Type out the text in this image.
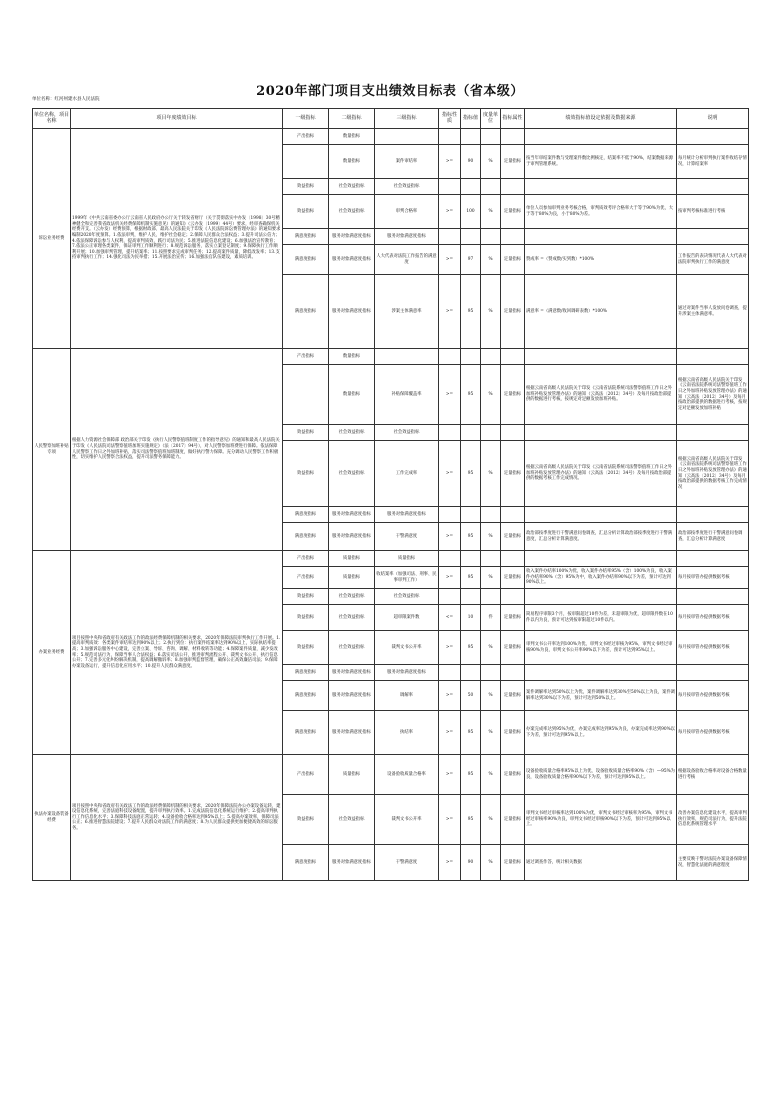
2020年部门项目支出绩效目标表（省本级）
单位名称：红河州建水县人民法院
单位名称，项目名称	项目年度绩效目标	一级指标	二级指标	三级指标	指标性质	指标值	度量单位	指标属性	绩效指标值设定依据及数据来源	说明
诉讼业务经费	1999年《中共云南省委办公厅云南省人民政府办公厅关于转发省财厅（关于贯彻落实中办发〔1998〕30号精神健全和完善我省政法机关经费保障机制实施意见）的通知》（云办发〔1999〕44号）要求，经审查确保机关经费开支。（云办发）经费预算，根据财政部、最高人民法院关于印发《人民法院诉讼费管理办法》的通知要求编制2020年度预算。1.依法审判，维护人民、维护社会稳定；2.保障人民群众合法权益；3.提升司法公信力；4.依法保障诉讼参与人权利，提高审判质效，践行司法为民；5.推进法院信息化建设；6.加强法治宣传教育；7.依法公正审理各类案件，保证审判工作顺利进行；8.规范诉讼服务，落实立案登记制度；9.保障执行工作顺利开展；10.加强审判管理，提升结案率；11.按照要求完成审判任务；12.提高案件质量，降低改发率；13.支持审判执行工作；14.强化司法为民举措；15.开展法治宣传；16.加强法官队伍建设，素质培训。	产出指标	数量指标							
			数量指标	案件审结率	>=	90	%	定量指标	按当年审结案件数与受理案件数比例核定，结案率不低于90%，结案数据来源于审判管理系统。	每月统计分析审判执行案件收结存情况，计算结案率
		效益指标	社会效益指标	社会效益指标						
		效益指标	社会效益指标	审判合格率	>=	100	%	定量指标	单位人员参加审判业务考核合格，审判质效考评合格率大于等于90%为优，大于等于80%为良，小于80%为差。	按审判考核标准进行考核
		满意度指标	服务对象满意度指标	服务对象满意度指标						
		满意度指标	服务对象满意度指标	人大代表对法院工作报告的满意度	>=	97	%	定量指标	赞成率 =（赞成数/实到数）*100%	工作报告的表决情况代表人大代表对法院审判执行工作的满意度
		满意度指标	服务对象满意度指标	涉案主体满意率	>=	95	%	定量指标	满意率 =（满意数/收回调研表数）*100%	通过对案件当事人发放问卷调查，提升涉案主体满意率。
人民警察加班补贴专项	根据人力资源社会保障部 政治部关于印发《执行人民警察值班制度工作的指导意见》的通知和最高人民法院关于印发《人民法院司法警察值班加班实施规定》（法〔2017〕94号），对人民警察加班费进行保障。依法保障人民警察工作日之外加班补贴，落实司法警察值班加班制度，做好执行警力保障。充分调动人民警察工作积极性，切实维护人民警察合法权益，提升司法警务保障能力。	产出指标	数量指标							
			数量指标	补贴保障覆盖率	>=	95	%	定量指标	根据云南省高级人民法院关于印发《云南省法院系统司法警察值班工作日之外加班补贴发放管理办法》的通知（云高法〔2012〕34号）及每月按政治部提供的数据进行考核，按规定对足额发放加班补贴。	根据云南省高级人民法院关于印发《云南省法院系统司法警察值班工作日之外加班补贴发放管理办法》的通知（云高法〔2012〕34号）及每月按政治部提供的数据进行考核，按规定对足额发放加班补贴
		效益指标	社会效益指标	社会效益指标						
		效益指标	社会效益指标	工作完成率	>=	95	%	定量指标	根据云南省高级人民法院关于印发《云南省法院系统司法警察值班工作日之外加班补贴发放管理办法》的通知（云高法〔2012〕34号）及每月按政治部提供的数据考核工作完成情况。	根据云南省高级人民法院关于印发《云南省法院系统司法警察值班工作日之外加班补贴发放管理办法》的通知（云高法〔2012〕34号）及每月按政治部提供的数据考核工作完成情况
		满意度指标	服务对象满意度指标	服务对象满意度指标						
		满意度指标	服务对象满意度指标	干警满意度	>=	95	%	定量指标	政治部按季度进行干警满意问卷调查，汇总分析计算政治部按季度进行干警满意度，汇总分析计算满意度。	政治部按季度进行干警满意问卷调查，汇总分析计算满意度
办案业务经费	项目按照中央和省政府有关政法工作的政法经费保障机制的相关要求，2020年保障法院审判执行工作开展。1.提高审判质效：各类案件审结率达到90%以上；2.执行到位：执行案件结案率达到90%以上，实际执结率提高；3.加强诉讼服务中心建设，完善立案、导诉、咨询、调解、材料收转等功能；4.保障案件质量，减少发改率；5.规范司法行为，保障当事人合法权益；6.落实司法公开，推进审判流程公开、裁判文书公开、执行信息公开；7.完善多元化纠纷解决机制，提高调解撤诉率；8.加强审判监督管理，确保公正高效廉洁司法；9.保障办案设备运行，提升信息化应用水平；10.提升人民群众满意度。	产出指标	质量指标	质量指标						
		产出指标	质量指标	收结案率（加强司法、刑事、民事审判工作）	>=	95	%	定量指标	收入案件办结率100%为优，收入案件办结率95%（含）100%为良，收入案件办结率90%（含）95%为中，收入案件办结率90%以下为差，预计可达到90%以上。	每月按审管办提供数据考核
		效益指标	社会效益指标	社会效益指标						
		效益指标	社会效益指标	超审限案件数	<=	10	件	定量指标	简易程序审限3个月，按审限超过10件为差，未超审限为优，超审限件数在10件以内为良，预计可达到按审限超过10件以内。	每月按审管办提供数据考核
		效益指标	社会效益指标	裁判文书公开率	>=	95	%	定量指标	审判文书公开率达到100%为优，审判文书经过审核为95%，审判文书经过审核90%为良，审判文书公开率90%以下为差，预计可达到95%以上。	每月按审管办提供数据考核
		满意度指标	服务对象满意度指标	服务对象满意度指标						
		满意度指标	服务对象满意度指标	调解率	>=	50	%	定量指标	案件调解率达到50%以上为优，案件调解率达到30%至50%以上为良，案件调解率达到30%以下为差，预计可达到50%以上。	每月按审管办提供数据考核
		满意度指标	服务对象满意度指标	执结率	>=	95	%	定量指标	办案完成率达到95%为优，办案完成率达到95%为良，办案完成率达到90%以下为差，预计可达到95%以上。	每月按审管办提供数据考核
执法办案设备装备经费	项目按照中央和省政府有关政法工作的政法经费保障机制的相关要求，2020年保障法院办公办案设备运转，建设信息化系统，完善法庭科技设备配置，提升审判执行效率。1.完成法院信息化系统运行维护；2.提高审判执行工作信息化水平；3.保障科技法庭正常运转；4.设备验收合格率达到95%以上；5.提高办案效率，保障司法公正；6.推进智慧法院建设；7.提升人民群众对法院工作的满意度；8.为人民群众提供更加便捷高效的诉讼服务。	产出指标	质量指标	设备验收质量合格率	>=	95	%	定量指标	设备验收质量合格率95%以上为优，设备验收质量合格率90%（含）—95%为良，设备验收质量合格率90%以下为差，预计可达到95%以上。	根据设备验收合格率对设备合格数量进行考核
		效益指标	社会效益指标	裁判文书公开率	>=	95	%	定量指标	审判文书经过审核率达到100%为优，审判文书经过审核率为95%，审判文书经过审核率90%为良，审判文书经过审核90%以下为差，预计可达到95%以上。	改善办案信息化建设水平，提高审判执行效率，规范司法行为，提升法院信息化系统管理水平
		满意度指标	服务对象满意度指标	干警满意度	>=	90	%	定量指标	通过调查作答，统计相关数据	主要反映干警对法院办案设备保障情况，智慧化法庭的满意程度
